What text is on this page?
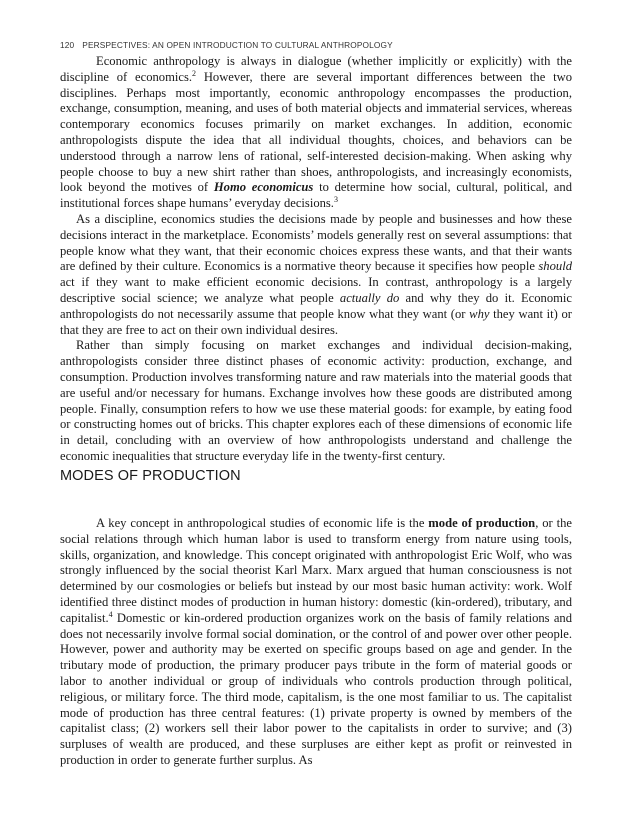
120 PERSPECTIVES: AN OPEN INTRODUCTION TO CULTURAL ANTHROPOLOGY

Economic anthropology is always in dialogue (whether implicitly or explicitly) with the discipline of economics.$^2$ However, there are several important differences between the two disciplines. Perhaps most importantly, economic anthropology encompasses the production, exchange, consumption, meaning, and uses of both material objects and immaterial services, whereas contemporary economics focuses primarily on market exchanges. In addition, economic anthropologists dispute the idea that all individual thoughts, choices, and behaviors can be understood through a narrow lens of rational, self-interested decision-making. When asking why people choose to buy a new shirt rather than shoes, anthropologists, and increasingly economists, look beyond the motives of Homo economicus to determine how social, cultural, political, and institutional forces shape humans’ everyday decisions.$^3$

As a discipline, economics studies the decisions made by people and businesses and how these decisions interact in the marketplace. Economists’ models generally rest on several assumptions: that people know what they want, that their economic choices express these wants, and that their wants are defined by their culture. Economics is a normative theory because it specifies how people should act if they want to make efficient economic decisions. In contrast, anthropology is a largely descriptive social science; we analyze what people actually do and why they do it. Economic anthropologists do not necessarily assume that people know what they want (or why they want it) or that they are free to act on their own individual desires.

Rather than simply focusing on market exchanges and individual decision-making, anthropologists consider three distinct phases of economic activity: production, exchange, and consumption. Production involves transforming nature and raw materials into the material goods that are useful and/or necessary for humans. Exchange involves how these goods are distributed among people. Finally, consumption refers to how we use these material goods: for example, by eating food or constructing homes out of bricks. This chapter explores each of these dimensions of economic life in detail, concluding with an overview of how anthropologists understand and challenge the economic inequalities that structure everyday life in the twenty-first century.

MODES OF PRODUCTION

A key concept in anthropological studies of economic life is the mode of production, or the social relations through which human labor is used to transform energy from nature using tools, skills, organization, and knowledge. This concept originated with anthropologist Eric Wolf, who was strongly influenced by the social theorist Karl Marx. Marx argued that human consciousness is not determined by our cosmologies or beliefs but instead by our most basic human activity: work. Wolf identified three distinct modes of production in human history: domestic (kin-ordered), tributary, and capitalist.$^4$ Domestic or kin-ordered production organizes work on the basis of family relations and does not necessarily involve formal social domination, or the control of and power over other people. However, power and authority may be exerted on specific groups based on age and gender. In the tributary mode of production, the primary producer pays tribute in the form of material goods or labor to another individual or group of individuals who controls production through political, religious, or military force. The third mode, capitalism, is the one most familiar to us. The capitalist mode of production has three central features: (1) private property is owned by members of the capitalist class; (2) workers sell their labor power to the capitalists in order to survive; and (3) surpluses of wealth are produced, and these surpluses are either kept as profit or reinvested in production in order to generate further surplus. As
